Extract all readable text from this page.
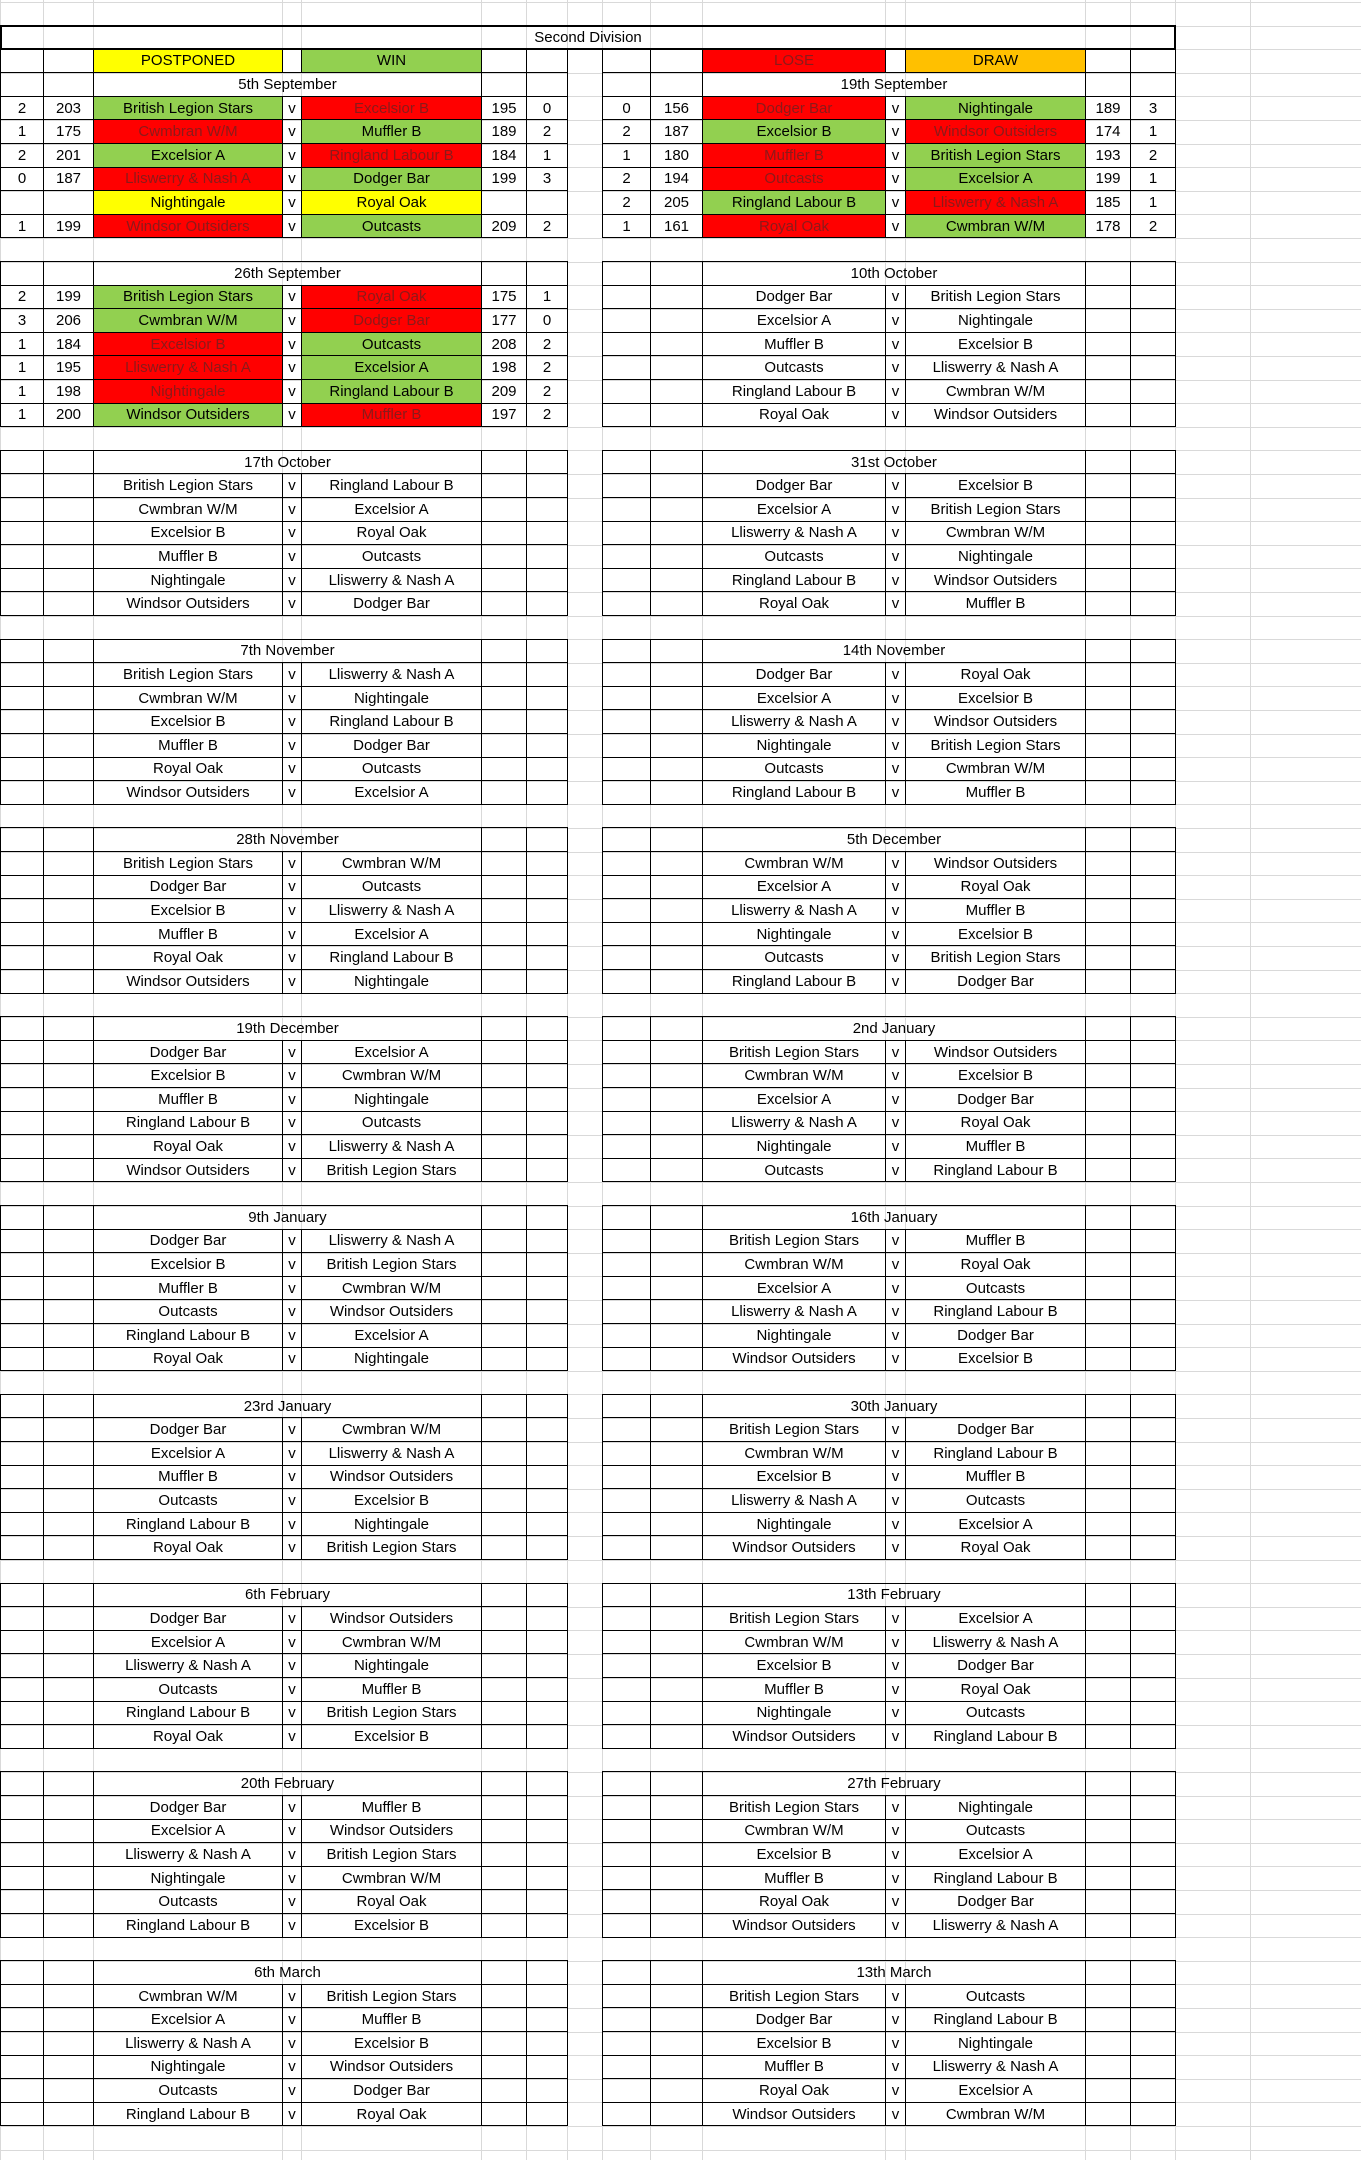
Second Division
POSTPONED	WIN	LOSE	DRAW
5th September
2	203	British Legion Stars	v	Excelsior B	195	0
1	175	Cwmbran W/M	v	Muffler B	189	2
2	201	Excelsior A	v	Ringland Labour B	184	1
0	187	Lliswerry & Nash A	v	Dodger Bar	199	3
Nightingale	v	Royal Oak
1	199	Windsor Outsiders	v	Outcasts	209	2
19th September
0	156	Dodger Bar	v	Nightingale	189	3
2	187	Excelsior B	v	Windsor Outsiders	174	1
1	180	Muffler B	v	British Legion Stars	193	2
2	194	Outcasts	v	Excelsior A	199	1
2	205	Ringland Labour B	v	Lliswerry & Nash A	185	1
1	161	Royal Oak	v	Cwmbran W/M	178	2
26th September
2	199	British Legion Stars	v	Royal Oak	175	1
3	206	Cwmbran W/M	v	Dodger Bar	177	0
1	184	Excelsior B	v	Outcasts	208	2
1	195	Lliswerry & Nash A	v	Excelsior A	198	2
1	198	Nightingale	v	Ringland Labour B	209	2
1	200	Windsor Outsiders	v	Muffler B	197	2
10th October
Dodger Bar	v	British Legion Stars
Excelsior A	v	Nightingale
Muffler B	v	Excelsior B
Outcasts	v	Lliswerry & Nash A
Ringland Labour B	v	Cwmbran W/M
Royal Oak	v	Windsor Outsiders
17th October
British Legion Stars	v	Ringland Labour B
Cwmbran W/M	v	Excelsior A
Excelsior B	v	Royal Oak
Muffler B	v	Outcasts
Nightingale	v	Lliswerry & Nash A
Windsor Outsiders	v	Dodger Bar
31st October
Dodger Bar	v	Excelsior B
Excelsior A	v	British Legion Stars
Lliswerry & Nash A	v	Cwmbran W/M
Outcasts	v	Nightingale
Ringland Labour B	v	Windsor Outsiders
Royal Oak	v	Muffler B
7th November
British Legion Stars	v	Lliswerry & Nash A
Cwmbran W/M	v	Nightingale
Excelsior B	v	Ringland Labour B
Muffler B	v	Dodger Bar
Royal Oak	v	Outcasts
Windsor Outsiders	v	Excelsior A
14th November
Dodger Bar	v	Royal Oak
Excelsior A	v	Excelsior B
Lliswerry & Nash A	v	Windsor Outsiders
Nightingale	v	British Legion Stars
Outcasts	v	Cwmbran W/M
Ringland Labour B	v	Muffler B
28th November
British Legion Stars	v	Cwmbran W/M
Dodger Bar	v	Outcasts
Excelsior B	v	Lliswerry & Nash A
Muffler B	v	Excelsior A
Royal Oak	v	Ringland Labour B
Windsor Outsiders	v	Nightingale
5th December
Cwmbran W/M	v	Windsor Outsiders
Excelsior A	v	Royal Oak
Lliswerry & Nash A	v	Muffler B
Nightingale	v	Excelsior B
Outcasts	v	British Legion Stars
Ringland Labour B	v	Dodger Bar
19th December
Dodger Bar	v	Excelsior A
Excelsior B	v	Cwmbran W/M
Muffler B	v	Nightingale
Ringland Labour B	v	Outcasts
Royal Oak	v	Lliswerry & Nash A
Windsor Outsiders	v	British Legion Stars
2nd January
British Legion Stars	v	Windsor Outsiders
Cwmbran W/M	v	Excelsior B
Excelsior A	v	Dodger Bar
Lliswerry & Nash A	v	Royal Oak
Nightingale	v	Muffler B
Outcasts	v	Ringland Labour B
9th January
Dodger Bar	v	Lliswerry & Nash A
Excelsior B	v	British Legion Stars
Muffler B	v	Cwmbran W/M
Outcasts	v	Windsor Outsiders
Ringland Labour B	v	Excelsior A
Royal Oak	v	Nightingale
16th January
British Legion Stars	v	Muffler B
Cwmbran W/M	v	Royal Oak
Excelsior A	v	Outcasts
Lliswerry & Nash A	v	Ringland Labour B
Nightingale	v	Dodger Bar
Windsor Outsiders	v	Excelsior B
23rd January
Dodger Bar	v	Cwmbran W/M
Excelsior A	v	Lliswerry & Nash A
Muffler B	v	Windsor Outsiders
Outcasts	v	Excelsior B
Ringland Labour B	v	Nightingale
Royal Oak	v	British Legion Stars
30th January
British Legion Stars	v	Dodger Bar
Cwmbran W/M	v	Ringland Labour B
Excelsior B	v	Muffler B
Lliswerry & Nash A	v	Outcasts
Nightingale	v	Excelsior A
Windsor Outsiders	v	Royal Oak
6th February
Dodger Bar	v	Windsor Outsiders
Excelsior A	v	Cwmbran W/M
Lliswerry & Nash A	v	Nightingale
Outcasts	v	Muffler B
Ringland Labour B	v	British Legion Stars
Royal Oak	v	Excelsior B
13th February
British Legion Stars	v	Excelsior A
Cwmbran W/M	v	Lliswerry & Nash A
Excelsior B	v	Dodger Bar
Muffler B	v	Royal Oak
Nightingale	v	Outcasts
Windsor Outsiders	v	Ringland Labour B
20th February
Dodger Bar	v	Muffler B
Excelsior A	v	Windsor Outsiders
Lliswerry & Nash A	v	British Legion Stars
Nightingale	v	Cwmbran W/M
Outcasts	v	Royal Oak
Ringland Labour B	v	Excelsior B
27th February
British Legion Stars	v	Nightingale
Cwmbran W/M	v	Outcasts
Excelsior B	v	Excelsior A
Muffler B	v	Ringland Labour B
Royal Oak	v	Dodger Bar
Windsor Outsiders	v	Lliswerry & Nash A
6th March
Cwmbran W/M	v	British Legion Stars
Excelsior A	v	Muffler B
Lliswerry & Nash A	v	Excelsior B
Nightingale	v	Windsor Outsiders
Outcasts	v	Dodger Bar
Ringland Labour B	v	Royal Oak
13th March
British Legion Stars	v	Outcasts
Dodger Bar	v	Ringland Labour B
Excelsior B	v	Nightingale
Muffler B	v	Lliswerry & Nash A
Royal Oak	v	Excelsior A
Windsor Outsiders	v	Cwmbran W/M
